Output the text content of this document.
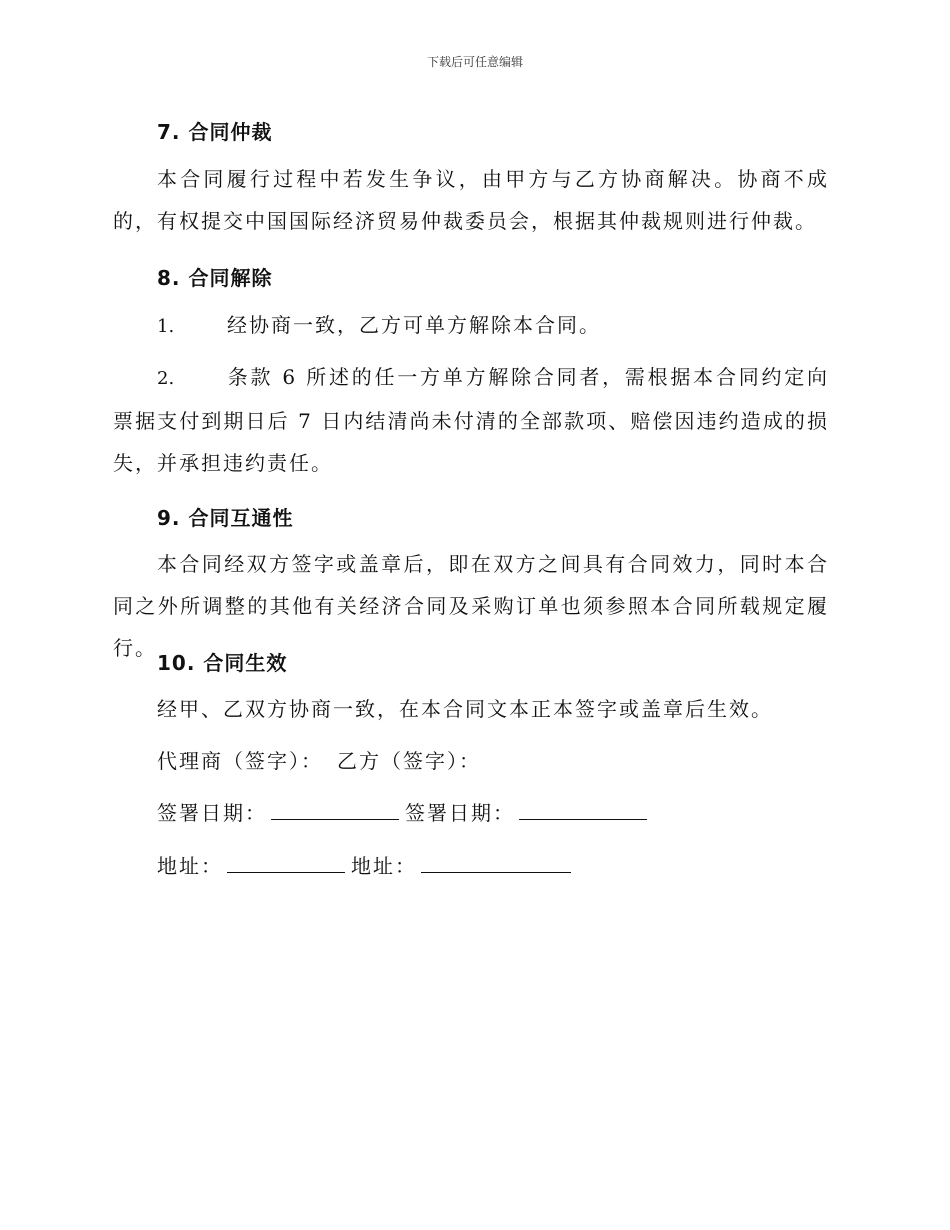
下载后可任意编辑
7. 合同仲裁
本合同履行过程中若发生争议，由甲方与乙方协商解决。协商不成的，有权提交中国国际经济贸易仲裁委员会，根据其仲裁规则进行仲裁。
8. 合同解除
1.	经协商一致，乙方可单方解除本合同。
2.	条款 6 所述的任一方单方解除合同者，需根据本合同约定向票据支付到期日后 7 日内结清尚未付清的全部款项、赔偿因违约造成的损失，并承担违约责任。
9. 合同互通性
本合同经双方签字或盖章后，即在双方之间具有合同效力，同时本合同之外所调整的其他有关经济合同及采购订单也须参照本合同所载规定履行。
10. 合同生效
经甲、乙双方协商一致，在本合同文本正本签字或盖章后生效。
代理商（签字）： 乙方（签字）：
签署日期：	签署日期：
地址：	地址：
